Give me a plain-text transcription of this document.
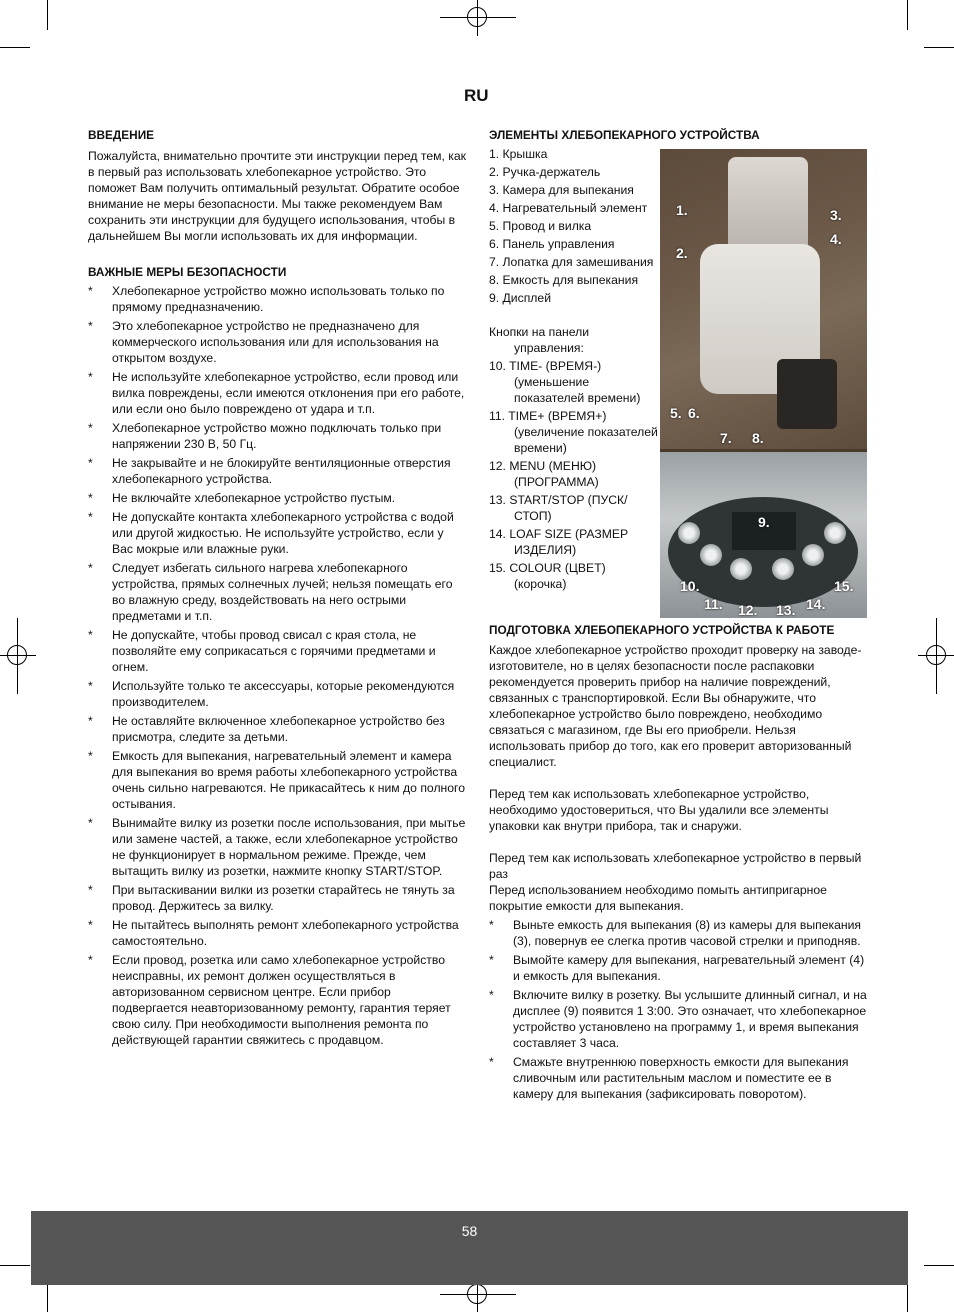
RU

ВВЕДЕНИЕ

Пожалуйста, внимательно прочтите эти инструкции перед тем, как в первый раз использовать хлебопекарное устройство. Это поможет Вам получить оптимальный результат. Обратите особое внимание не меры безопасности. Мы также рекомендуем Вам сохранить эти инструкции для будущего использования, чтобы в дальнейшем Вы могли использовать их для информации.

ВАЖНЫЕ МЕРЫ БЕЗОПАСНОСТИ

* Хлебопекарное устройство можно использовать только по прямому предназначению.
* Это хлебопекарное устройство не предназначено для коммерческого использования или для использования на открытом воздухе.
* Не используйте хлебопекарное устройство, если провод или вилка повреждены, если имеются отклонения при его работе, или если оно было повреждено от удара и т.п.
* Хлебопекарное устройство можно подключать только при напряжении 230 В, 50 Гц.
* Не закрывайте и не блокируйте вентиляционные отверстия хлебопекарного устройства.
* Не включайте хлебопекарное устройство пустым.
* Не допускайте контакта хлебопекарного устройства с водой или другой жидкостью. Не используйте устройство, если у Вас мокрые или влажные руки.
* Следует избегать сильного нагрева хлебопекарного устройства, прямых солнечных лучей; нельзя помещать его во влажную среду, воздействовать на него острыми предметами и т.п.
* Не допускайте, чтобы провод свисал с края стола, не позволяйте ему соприкасаться с горячими предметами и огнем.
* Используйте только те аксессуары, которые рекомендуются производителем.
* Не оставляйте включенное хлебопекарное устройство без присмотра, следите за детьми.
* Емкость для выпекания, нагревательный элемент и камера для выпекания во время работы хлебопекарного устройства очень сильно нагреваются. Не прикасайтесь к ним до полного остывания.
* Вынимайте вилку из розетки после использования, при мытье или замене частей, а также, если хлебопекарное устройство не функционирует в нормальном режиме. Прежде, чем вытащить вилку из розетки, нажмите кнопку START/STOP.
* При вытаскивании вилки из розетки старайтесь не тянуть за провод. Держитесь за вилку.
* Не пытайтесь выполнять ремонт хлебопекарного устройства самостоятельно.
* Если провод, розетка или само хлебопекарное устройство неисправны, их ремонт должен осуществляться в авторизованном сервисном центре. Если прибор подвергается неавторизованному ремонту, гарантия теряет свою силу. При необходимости выполнения ремонта по действующей гарантии свяжитесь с продавцом.

ЭЛЕМЕНТЫ ХЛЕБОПЕКАРНОГО УСТРОЙСТВА

1. Крышка
2. Ручка-держатель
3. Камера для выпекания
4. Нагревательный элемент
5. Провод и вилка
6. Панель управления
7. Лопатка для замешивания
8. Емкость для выпекания
9. Дисплей
Кнопки на панели управления:
10. TIME- (ВРЕМЯ-) (уменьшение показателей времени)
11. TIME+ (ВРЕМЯ+) (увеличение показателей времени)
12. MENU (МЕНЮ) (ПРОГРАММА)
13. START/STOP (ПУСК/СТОП)
14. LOAF SIZE (РАЗМЕР ИЗДЕЛИЯ)
15. COLOUR (ЦВЕТ) (корочка)

ПОДГОТОВКА ХЛЕБОПЕКАРНОГО УСТРОЙСТВА К РАБОТЕ

Каждое хлебопекарное устройство проходит проверку на заводе-изготовителе, но в целях безопасности после распаковки рекомендуется проверить прибор на наличие повреждений, связанных с транспортировкой. Если Вы обнаружите, что хлебопекарное устройство было повреждено, необходимо связаться с магазином, где Вы его приобрели. Нельзя использовать прибор до того, как его проверит авторизованный специалист.

Перед тем как использовать хлебопекарное устройство, необходимо удостовериться, что Вы удалили все элементы упаковки как внутри прибора, так и снаружи.

Перед тем как использовать хлебопекарное устройство в первый раз

Перед использованием необходимо помыть антипригарное покрытие емкости для выпекания.

* Выньте емкость для выпекания (8) из камеры для выпекания (3), повернув ее слегка против часовой стрелки и приподняв.
* Вымойте камеру для выпекания, нагревательный элемент (4) и емкость для выпекания.
* Включите вилку в розетку. Вы услышите длинный сигнал, и на дисплее (9) появится 1 3:00. Это означает, что хлебопекарное устройство установлено на программу 1, и время выпекания составляет 3 часа.
* Смажьте внутреннюю поверхность емкости для выпекания сливочным или растительным маслом и поместите ее в камеру для выпекания (зафиксировать поворотом).
1.
2.
3.
4.
5. 6.
7. 8.
9.
10.
11. 12. 13. 14.
15.
58
